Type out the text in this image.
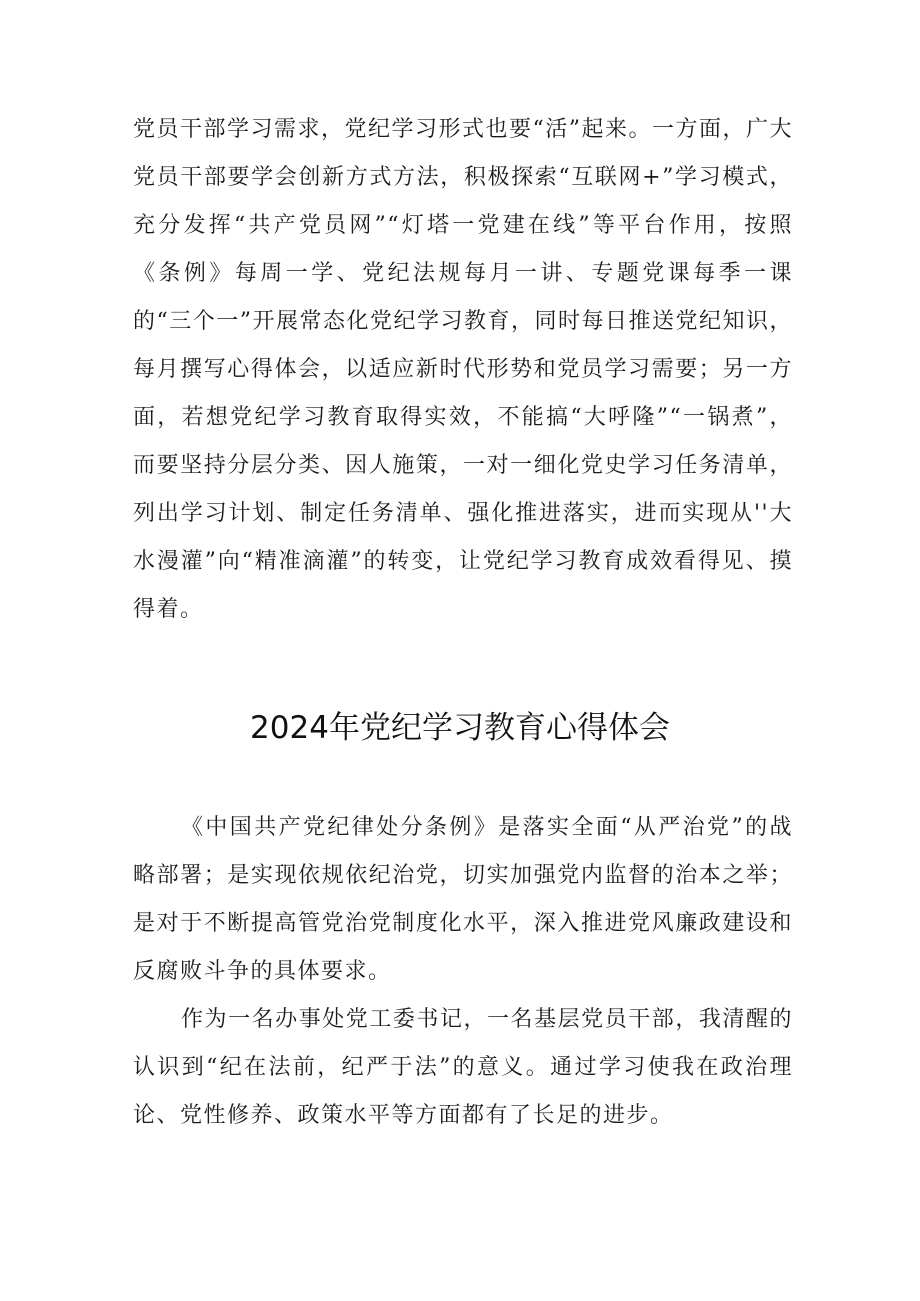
党员干部学习需求，党纪学习形式也要“活”起来。一方面，广大党员干部要学会创新方式方法，积极探索“互联网+”学习模式，充分发挥“共产党员网”“灯塔一党建在线”等平台作用，按照《条例》每周一学、党纪法规每月一讲、专题党课每季一课的“三个一”开展常态化党纪学习教育，同时每日推送党纪知识，每月撰写心得体会，以适应新时代形势和党员学习需要；另一方面，若想党纪学习教育取得实效，不能搞“大呼隆”“一锅煮”，而要坚持分层分类、因人施策，一对一细化党史学习任务清单，列出学习计划、制定任务清单、强化推进落实，进而实现从''大水漫灌”向“精准滴灌”的转变，让党纪学习教育成效看得见、摸得着。

2024年党纪学习教育心得体会

《中国共产党纪律处分条例》是落实全面“从严治党”的战略部署；是实现依规依纪治党，切实加强党内监督的治本之举；是对于不断提高管党治党制度化水平，深入推进党风廉政建设和反腐败斗争的具体要求。

作为一名办事处党工委书记，一名基层党员干部，我清醒的认识到“纪在法前，纪严于法”的意义。通过学习使我在政治理论、党性修养、政策水平等方面都有了长足的进步。
